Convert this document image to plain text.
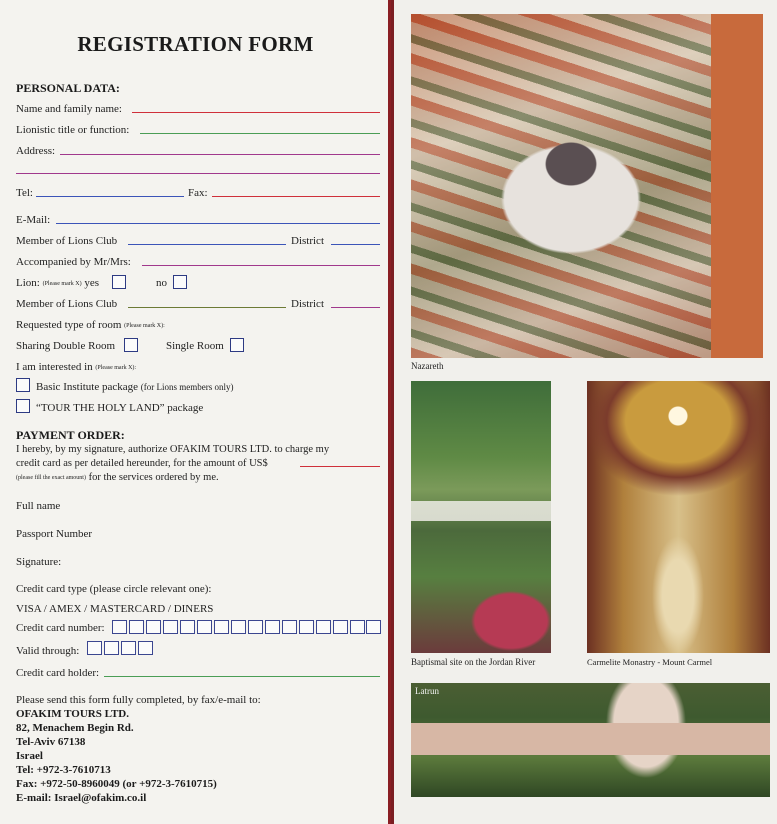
REGISTRATION FORM
PERSONAL DATA:
Name and family name:
Lionistic title or function:
Address:
Tel:	Fax:
E-Mail:
Member of Lions Club	District
Accompanied by Mr/Mrs:
Lion: (Please mark X) yes	no
Member of Lions Club	District
Requested type of room (Please mark X):
Sharing Double Room	Single Room
I am interested in (Please mark X):
Basic Institute package (for Lions members only)
“TOUR THE HOLY LAND” package
PAYMENT ORDER:
I hereby, by my signature, authorize OFAKIM TOURS LTD. to charge my
credit card as per detailed hereunder, for the amount of US$
(please fill the exact amount) for the services ordered by me.
Full name
Passport Number
Signature:
Credit card type (please circle relevant one):
VISA / AMEX / MASTERCARD / DINERS
Credit card number:
Valid through:
Credit card holder:
Please send this form fully completed, by fax/e-mail to:
OFAKIM TOURS LTD.
82, Menachem Begin Rd.
Tel-Aviv 67138
Israel
Tel: +972-3-7610713
Fax: +972-50-8960049 (or +972-3-7610715)
E-mail: Israel@ofakim.co.il
Nazareth
Baptismal site on the Jordan River	Carmelite Monastry - Mount Carmel
Latrun
